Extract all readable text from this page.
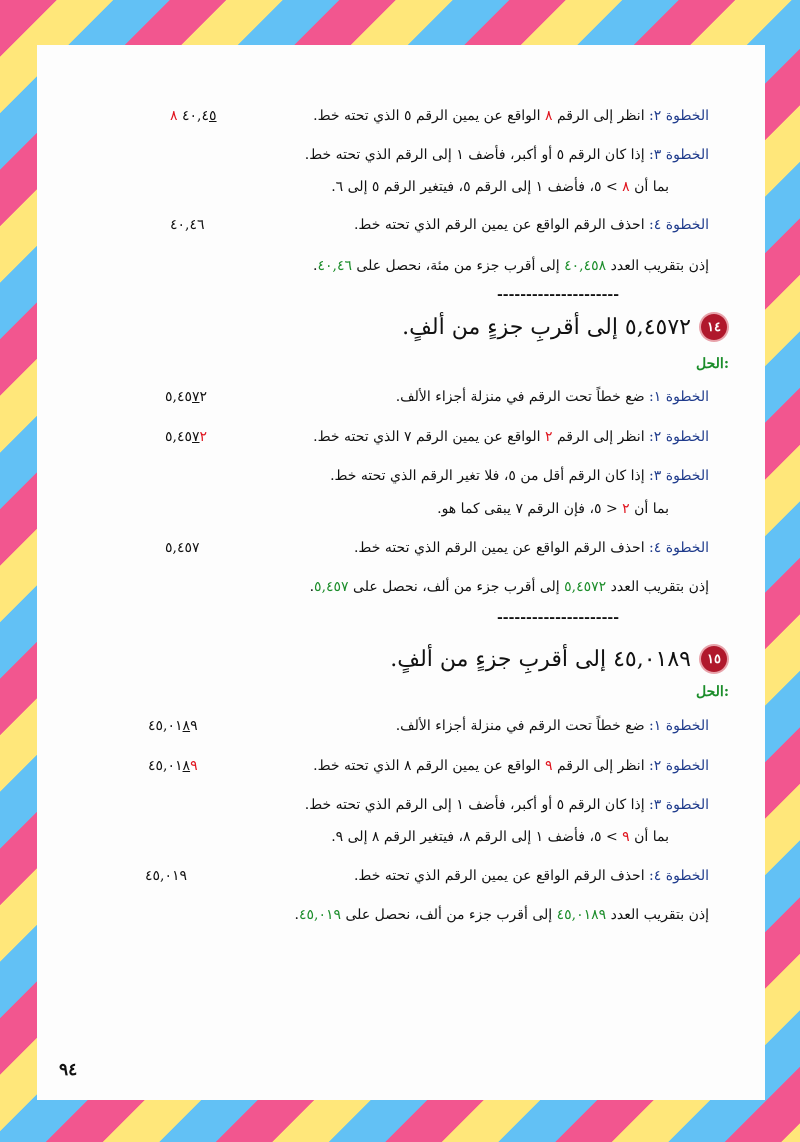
الخطوة ٢: انظر إلى الرقم ٨ الواقع عن يمين الرقم ٥ الذي تحته خط.
٤٠,٤٥ ٨
الخطوة ٣: إذا كان الرقم ٥ أو أكبر، فأضف ١ إلى الرقم الذي تحته خط.
بما أن ٨ > ٥، فأضف ١ إلى الرقم ٥، فيتغير الرقم ٥ إلى ٦.
الخطوة ٤: احذف الرقم الواقع عن يمين الرقم الذي تحته خط.
٤٠,٤٦
إذن بتقريب العدد ٤٠,٤٥٨ إلى أقرب جزء من مئة، نحصل على ٤٠,٤٦.
---------------------
١٤
٥,٤٥٧٢ إلى أقربِ جزءٍ من ألفٍ.
الحل:
الخطوة ١: ضع خطاً تحت الرقم في منزلة أجزاء الألف.
٥,٤٥٧٢
الخطوة ٢: انظر إلى الرقم ٢ الواقع عن يمين الرقم ٧ الذي تحته خط.
٥,٤٥٧٢
الخطوة ٣: إذا كان الرقم أقل من ٥، فلا تغير الرقم الذي تحته خط.
بما أن ٢ < ٥، فإن الرقم ٧ يبقى كما هو.
الخطوة ٤: احذف الرقم الواقع عن يمين الرقم الذي تحته خط.
٥,٤٥٧
إذن بتقريب العدد ٥,٤٥٧٢ إلى أقرب جزء من ألف، نحصل على ٥,٤٥٧.
---------------------
١٥
٤٥,٠١٨٩ إلى أقربِ جزءٍ من ألفٍ.
الحل:
الخطوة ١: ضع خطاً تحت الرقم في منزلة أجزاء الألف.
٤٥,٠١٨٩
الخطوة ٢: انظر إلى الرقم ٩ الواقع عن يمين الرقم ٨ الذي تحته خط.
٤٥,٠١٨٩
الخطوة ٣: إذا كان الرقم ٥ أو أكبر، فأضف ١ إلى الرقم الذي تحته خط.
بما أن ٩ > ٥، فأضف ١ إلى الرقم ٨، فيتغير الرقم ٨ إلى ٩.
الخطوة ٤: احذف الرقم الواقع عن يمين الرقم الذي تحته خط.
٤٥,٠١٩
إذن بتقريب العدد ٤٥,٠١٨٩ إلى أقرب جزء من ألف، نحصل على ٤٥,٠١٩.
٩٤
